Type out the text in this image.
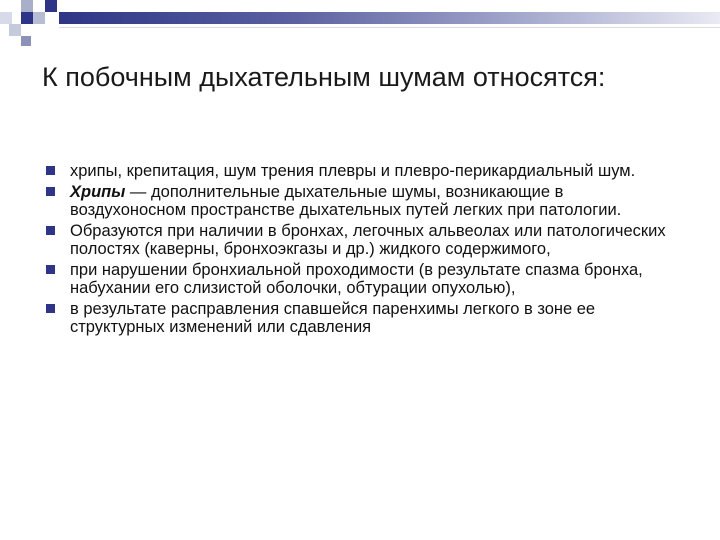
К побочным дыхательным шумам относятся:
хрипы, крепитация, шум трения плевры и плевро-перикардиальный шум.
Хрипы — дополнительные дыхательные шумы, возникающие в воздухоносном пространстве дыхательных путей легких при патологии.
Образуются при наличии в бронхах, легочных альвеолах или патологических полостях (каверны, бронхоэкгазы и др.) жидкого содержимого,
при нарушении бронхиальной проходимости (в результате спазма бронха, набухании его слизистой оболочки, обтурации опухолью),
в результате расправления спавшейся паренхимы легкого в зоне ее структурных изменений или сдавления
